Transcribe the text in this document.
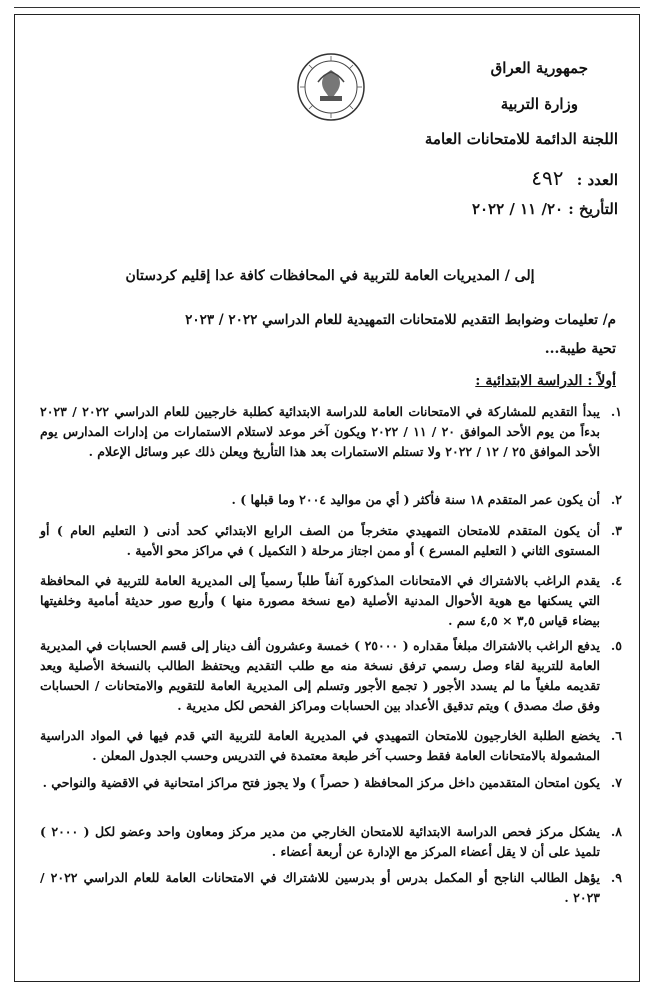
جمهورية العراق
وزارة التربية
اللجنة الدائمة للامتحانات العامة
العدد : ٤٩٢
التأريخ : ٢٠/ ١١ / ٢٠٢٢
إلى / المديريات العامة للتربية في المحافظات كافة عدا إقليم كردستان
م/ تعليمات وضوابط التقديم للامتحانات التمهيدية للعام الدراسي ٢٠٢٢ / ٢٠٢٣
تحية طيبة...
أولاً : الدراسة الابتدائية :
١.
يبدأ التقديم للمشاركة في الامتحانات العامة للدراسة الابتدائية كطلبة خارجيين للعام الدراسي ٢٠٢٢ / ٢٠٢٣ بدءاً من يوم الأحد الموافق ٢٠ / ١١ / ٢٠٢٢ ويكون آخر موعد لاستلام الاستمارات من إدارات المدارس يوم الأحد الموافق ٢٥ / ١٢ / ٢٠٢٢ ولا تستلم الاستمارات بعد هذا التأريخ ويعلن ذلك عبر وسائل الإعلام .
٢.
أن يكون عمر المتقدم ١٨ سنة فأكثر ( أي من مواليد ٢٠٠٤ وما قبلها ) .
٣.
أن يكون المتقدم للامتحان التمهيدي متخرجاً من الصف الرابع الابتدائي كحد أدنى ( التعليم العام ) أو المستوى الثاني ( التعليم المسرع ) أو ممن اجتاز مرحلة ( التكميل ) في مراكز محو الأمية .
٤.
يقدم الراغب بالاشتراك في الامتحانات المذكورة آنفاً طلباً رسمياً إلى المديرية العامة للتربية في المحافظة التي يسكنها مع هوية الأحوال المدنية الأصلية (مع نسخة مصورة منها ) وأربع صور حديثة أمامية وخلفيتها بيضاء قياس ٣,٥ × ٤,٥ سم .
٥.
يدفع الراغب بالاشتراك مبلغاً مقداره ( ٢٥٠٠٠ ) خمسة وعشرون ألف دينار إلى قسم الحسابات في المديرية العامة للتربية لقاء وصل رسمي ترفق نسخة منه مع طلب التقديم ويحتفظ الطالب بالنسخة الأصلية ويعد تقديمه ملغياً ما لم يسدد الأجور ( تجمع الأجور وتسلم إلى المديرية العامة للتقويم والامتحانات / الحسابات وفق صك مصدق ) ويتم تدقيق الأعداد بين الحسابات ومراكز الفحص لكل مديرية .
٦.
يخضع الطلبة الخارجيون للامتحان التمهيدي في المديرية العامة للتربية التي قدم فيها في المواد الدراسية المشمولة بالامتحانات العامة فقط وحسب آخر طبعة معتمدة في التدريس وحسب الجدول المعلن .
٧.
يكون امتحان المتقدمين داخل مركز المحافظة ( حصراً ) ولا يجوز فتح مراكز امتحانية في الاقضية والنواحي .
٨.
يشكل مركز فحص الدراسة الابتدائية للامتحان الخارجي من مدير مركز ومعاون واحد وعضو لكل ( ٢٠٠٠ ) تلميذ على أن لا يقل أعضاء المركز مع الإدارة عن أربعة أعضاء .
٩.
يؤهل الطالب الناجح أو المكمل بدرس أو بدرسين للاشتراك في الامتحانات العامة للعام الدراسي ٢٠٢٢ / ٢٠٢٣ .
